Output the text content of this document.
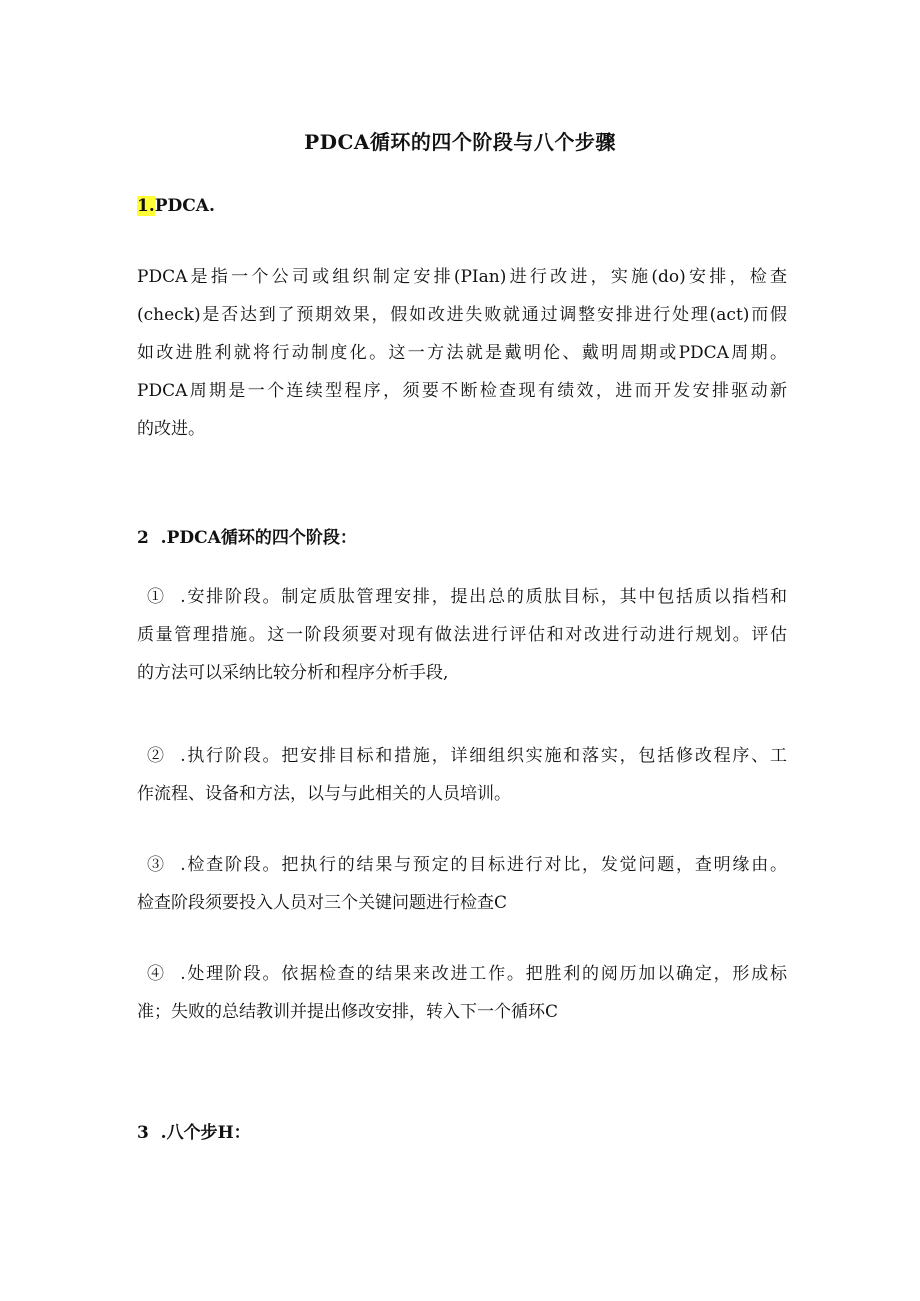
PDCA循环的四个阶段与八个步骤
1.PDCA.
PDCA是指一个公司或组织制定安排(PIan)进行改进，实施(do)安排，检查
(check)是否达到了预期效果，假如改进失败就通过调整安排进行处理(act)而假
如改进胜利就将行动制度化。这一方法就是戴明伦、戴明周期或PDCA周期。
PDCA周期是一个连续型程序，须要不断检查现有绩效，进而开发安排驱动新
的改进。
2  .PDCA循环的四个阶段：
①  .安排阶段。制定质肽管理安排，提出总的质肽目标，其中包括质以指档和
质量管理措施。这一阶段须要对现有做法进行评估和对改进行动进行规划。评估
的方法可以采纳比较分析和程序分析手段,
②  .执行阶段。把安排目标和措施，详细组织实施和落实，包括修改程序、工
作流程、设备和方法，以与与此相关的人员培训。
③  .检查阶段。把执行的结果与预定的目标进行对比，发觉问题，查明缘由。
检查阶段须要投入人员对三个关键问题进行检查C
④  .处理阶段。依据检查的结果来改进工作。把胜利的阅历加以确定，形成标
准；失败的总结教训并提出修改安排，转入下一个循环C
3  .八个步H：
